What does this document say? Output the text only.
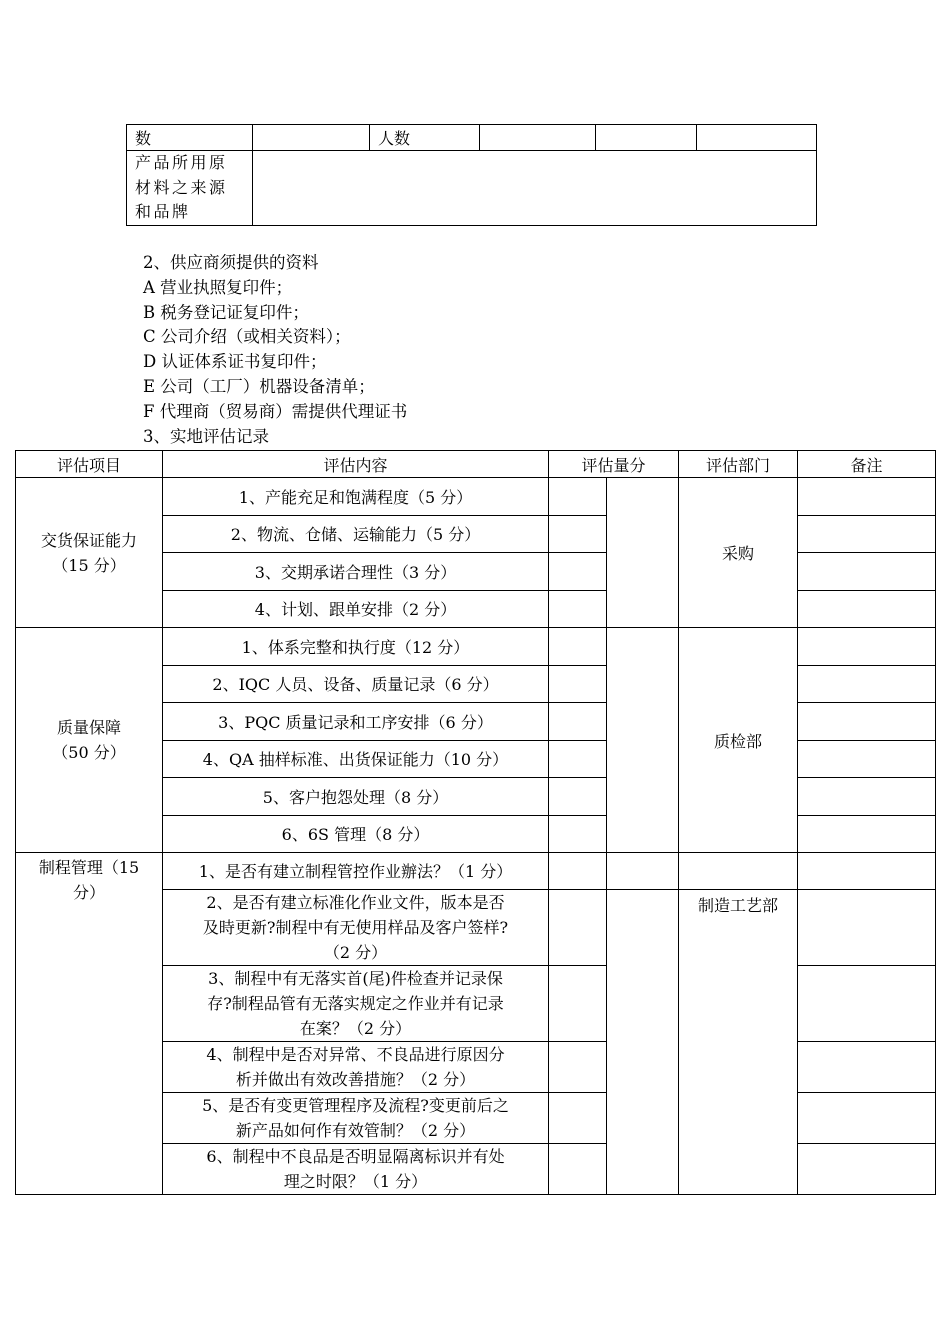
数		人数			

产品所用原
材料之来源
和品牌					

2、供应商须提供的资料
A 营业执照复印件；
B 税务登记证复印件；
C 公司介绍（或相关资料）；
D 认证体系证书复印件；
E 公司（工厂）机器设备清单；
F 代理商（贸易商）需提供代理证书
3、实地评估记录
评估项目	评估内容	评估量分		评估部门	备注

交货保证能力
（15 分）	1、产能充足和饱满程度（5 分）			采购	
	2、物流、仓储、运输能力（5 分）				
	3、交期承诺合理性（3 分）				
	4、计划、跟单安排（2 分）				

质量保障
（50 分）	1、体系完整和执行度（12 分）			质检部	
	2、IQC 人员、设备、质量记录（6 分）				
	3、PQC 质量记录和工序安排（6 分）				
	4、QA 抽样标准、出货保证能力（10 分）				
	5、客户抱怨处理（8 分）				
	6、6S 管理（8 分）				

制程管理（15
分）	1、是否有建立制程管控作业辦法？（1 分）				

	2、是否有建立标准化作业文件，版本是否
及時更新?制程中有无使用样品及客户签样?
（2 分）			制造工艺部	

	3、制程中有无落实首(尾)件检查并记录保
存?制程品管有无落实规定之作业并有记录
在案？（2 分）				

	4、制程中是否对异常、不良品进行原因分
析并做出有效改善措施？（2 分）				

	5、是否有变更管理程序及流程?变更前后之
新产品如何作有效管制？（2 分）				

	6、制程中不良品是否明显隔离标识并有处
理之时限？（1 分）				
